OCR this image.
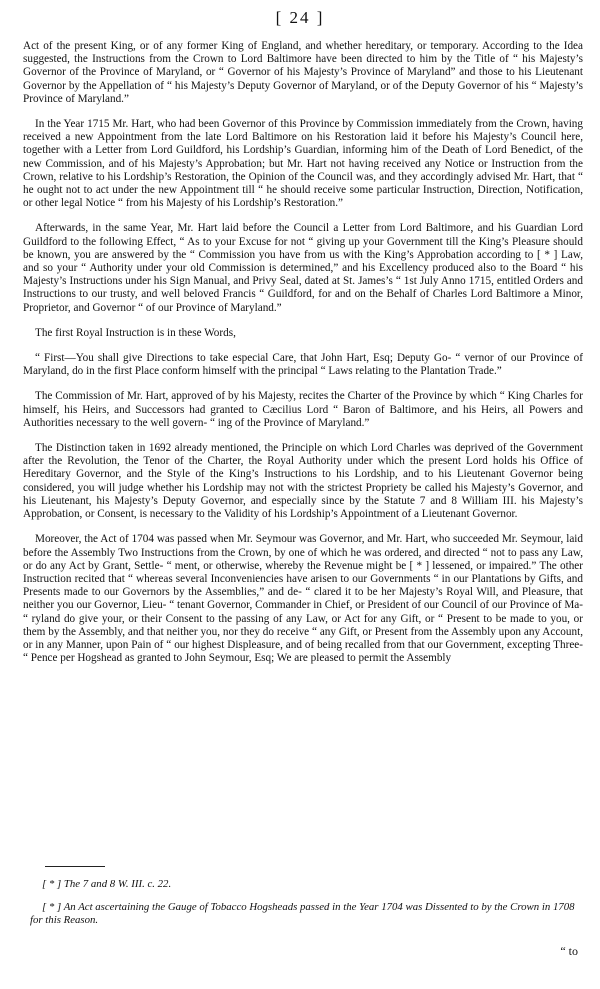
[ 24 ]

Act of the present King, or of any former King of England, and whether hereditary, or temporary. According to the Idea suggested, the Instructions from the Crown to Lord Baltimore have been directed to him by the Title of “ his Majesty’s Governor of the Province of Maryland, or “ Governor of his Majesty’s Province of Maryland” and those to his Lieutenant Governor by the Appellation of “ his Majesty’s Deputy Governor of Maryland, or of the Deputy Governor of his “ Majesty’s Province of Maryland.”

In the Year 1715 Mr. Hart, who had been Governor of this Province by Commission immediately from the Crown, having received a new Appointment from the late Lord Baltimore on his Restoration laid it before his Majesty’s Council here, together with a Letter from Lord Guildford, his Lordship’s Guardian, informing him of the Death of Lord Benedict, of the new Commission, and of his Majesty’s Approbation; but Mr. Hart not having received any Notice or Instruction from the Crown, relative to his Lordship’s Restoration, the Opinion of the Council was, and they accordingly advised Mr. Hart, that “ he ought not to act under the new Appointment till “ he should receive some particular Instruction, Direction, Notification, or other legal Notice “ from his Majesty of his Lordship’s Restoration.”

Afterwards, in the same Year, Mr. Hart laid before the Council a Letter from Lord Baltimore, and his Guardian Lord Guildford to the following Effect, “ As to your Excuse for not “ giving up your Government till the King’s Pleasure should be known, you are answered by the “ Commission you have from us with the King’s Approbation according to [ * ] Law, and so your “ Authority under your old Commission is determined,” and his Excellency produced also to the Board “ his Majesty’s Instructions under his Sign Manual, and Privy Seal, dated at St. James’s “ 1st July Anno 1715, entitled Orders and Instructions to our trusty, and well beloved Francis “ Guildford, for and on the Behalf of Charles Lord Baltimore a Minor, Proprietor, and Governor “ of our Province of Maryland.”

The first Royal Instruction is in these Words,

“ First—You shall give Directions to take especial Care, that John Hart, Esq; Deputy Go- “ vernor of our Province of Maryland, do in the first Place conform himself with the principal “ Laws relating to the Plantation Trade.”

The Commission of Mr. Hart, approved of by his Majesty, recites the Charter of the Province by which “ King Charles for himself, his Heirs, and Successors had granted to Cæcilius Lord “ Baron of Baltimore, and his Heirs, all Powers and Authorities necessary to the well govern- “ ing of the Province of Maryland.”

The Distinction taken in 1692 already mentioned, the Principle on which Lord Charles was deprived of the Government after the Revolution, the Tenor of the Charter, the Royal Authority under which the present Lord holds his Office of Hereditary Governor, and the Style of the King’s Instructions to his Lordship, and to his Lieutenant Governor being considered, you will judge whether his Lordship may not with the strictest Propriety be called his Majesty’s Governor, and his Lieutenant, his Majesty’s Deputy Governor, and especially since by the Statute 7 and 8 William III. his Majesty’s Approbation, or Consent, is necessary to the Validity of his Lordship’s Appointment of a Lieutenant Governor.

Moreover, the Act of 1704 was passed when Mr. Seymour was Governor, and Mr. Hart, who succeeded Mr. Seymour, laid before the Assembly Two Instructions from the Crown, by one of which he was ordered, and directed “ not to pass any Law, or do any Act by Grant, Settle- “ ment, or otherwise, whereby the Revenue might be [ * ] lessened, or impaired.” The other Instruction recited that “ whereas several Inconveniencies have arisen to our Governments “ in our Plantations by Gifts, and Presents made to our Governors by the Assemblies,” and de- “ clared it to be her Majesty’s Royal Will, and Pleasure, that neither you our Governor, Lieu- “ tenant Governor, Commander in Chief, or President of our Council of our Province of Ma- “ ryland do give your, or their Consent to the passing of any Law, or Act for any Gift, or “ Present to be made to you, or them by the Assembly, and that neither you, nor they do receive “ any Gift, or Present from the Assembly upon any Account, or in any Manner, upon Pain of “ our highest Displeasure, and of being recalled from that our Government, excepting Three- “ Pence per Hogshead as granted to John Seymour, Esq; We are pleased to permit the Assembly

[ * ] The 7 and 8 W. III. c. 22.

[ * ] An Act ascertaining the Gauge of Tobacco Hogsheads passed in the Year 1704 was Dissented to by the Crown in 1708 for this Reason.

“ to
